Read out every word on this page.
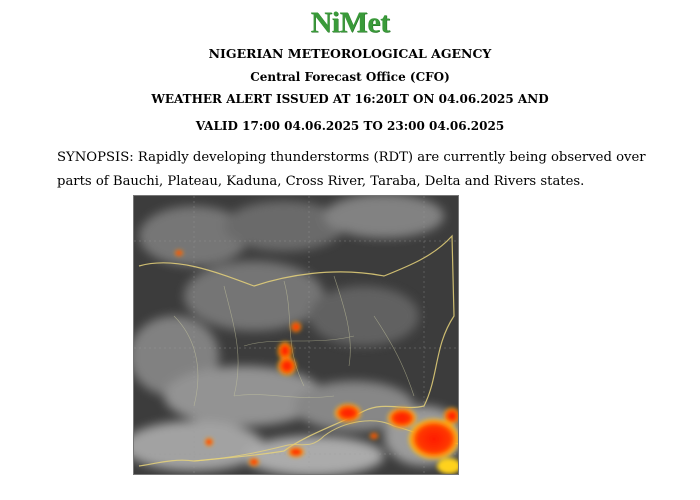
NiMet
NIGERIAN METEOROLOGICAL AGENCY
Central Forecast Office (CFO)
WEATHER ALERT ISSUED AT 16:20LT ON 04.06.2025 AND
VALID 17:00 04.06.2025 TO 23:00 04.06.2025
SYNOPSIS: Rapidly developing thunderstorms (RDT) are currently being observed over parts of Bauchi, Plateau, Kaduna, Cross River, Taraba, Delta and Rivers states.
